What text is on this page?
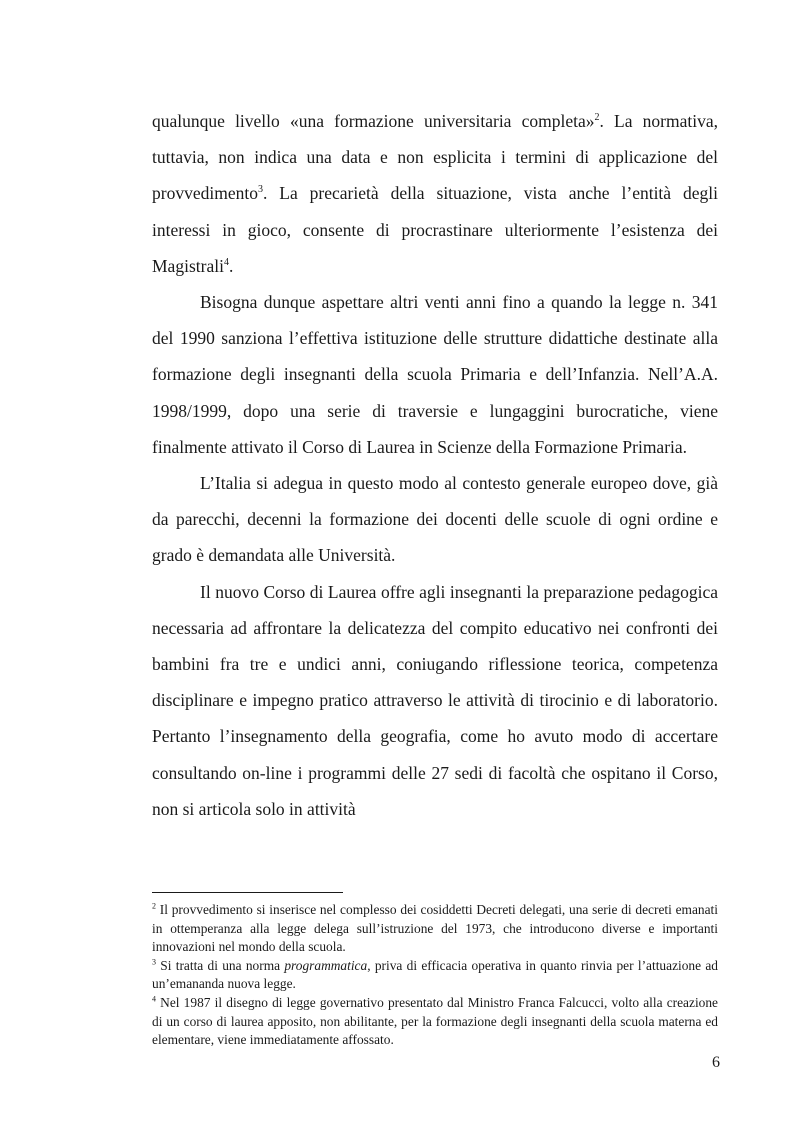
qualunque livello «una formazione universitaria completa»$^2$. La normativa, tuttavia, non indica una data e non esplicita i termini di applicazione del provvedimento$^3$. La precarietà della situazione, vista anche l’entità degli interessi in gioco, consente di procrastinare ulteriormente l’esistenza dei Magistrali$^4$.

Bisogna dunque aspettare altri venti anni fino a quando la legge n. 341 del 1990 sanziona l’effettiva istituzione delle strutture didattiche destinate alla formazione degli insegnanti della scuola Primaria e dell’Infanzia. Nell’A.A. 1998/1999, dopo una serie di traversie e lungaggini burocratiche, viene finalmente attivato il Corso di Laurea in Scienze della Formazione Primaria.

L’Italia si adegua in questo modo al contesto generale europeo dove, già da parecchi, decenni la formazione dei docenti delle scuole di ogni ordine e grado è demandata alle Università.

Il nuovo Corso di Laurea offre agli insegnanti la preparazione pedagogica necessaria ad affrontare la delicatezza del compito educativo nei confronti dei bambini fra tre e undici anni, coniugando riflessione teorica, competenza disciplinare e impegno pratico attraverso le attività di tirocinio e di laboratorio. Pertanto l’insegnamento della geografia, come ho avuto modo di accertare consultando on-line i programmi delle 27 sedi di facoltà che ospitano il Corso, non si articola solo in attività

$^2$ Il provvedimento si inserisce nel complesso dei cosiddetti Decreti delegati, una serie di decreti emanati in ottemperanza alla legge delega sull’istruzione del 1973, che introducono diverse e importanti innovazioni nel mondo della scuola.

$^3$ Si tratta di una norma programmatica, priva di efficacia operativa in quanto rinvia per l’attuazione ad un’emananda nuova legge.

$^4$ Nel 1987 il disegno di legge governativo presentato dal Ministro Franca Falcucci, volto alla creazione di un corso di laurea apposito, non abilitante, per la formazione degli insegnanti della scuola materna ed elementare, viene immediatamente affossato.

6
